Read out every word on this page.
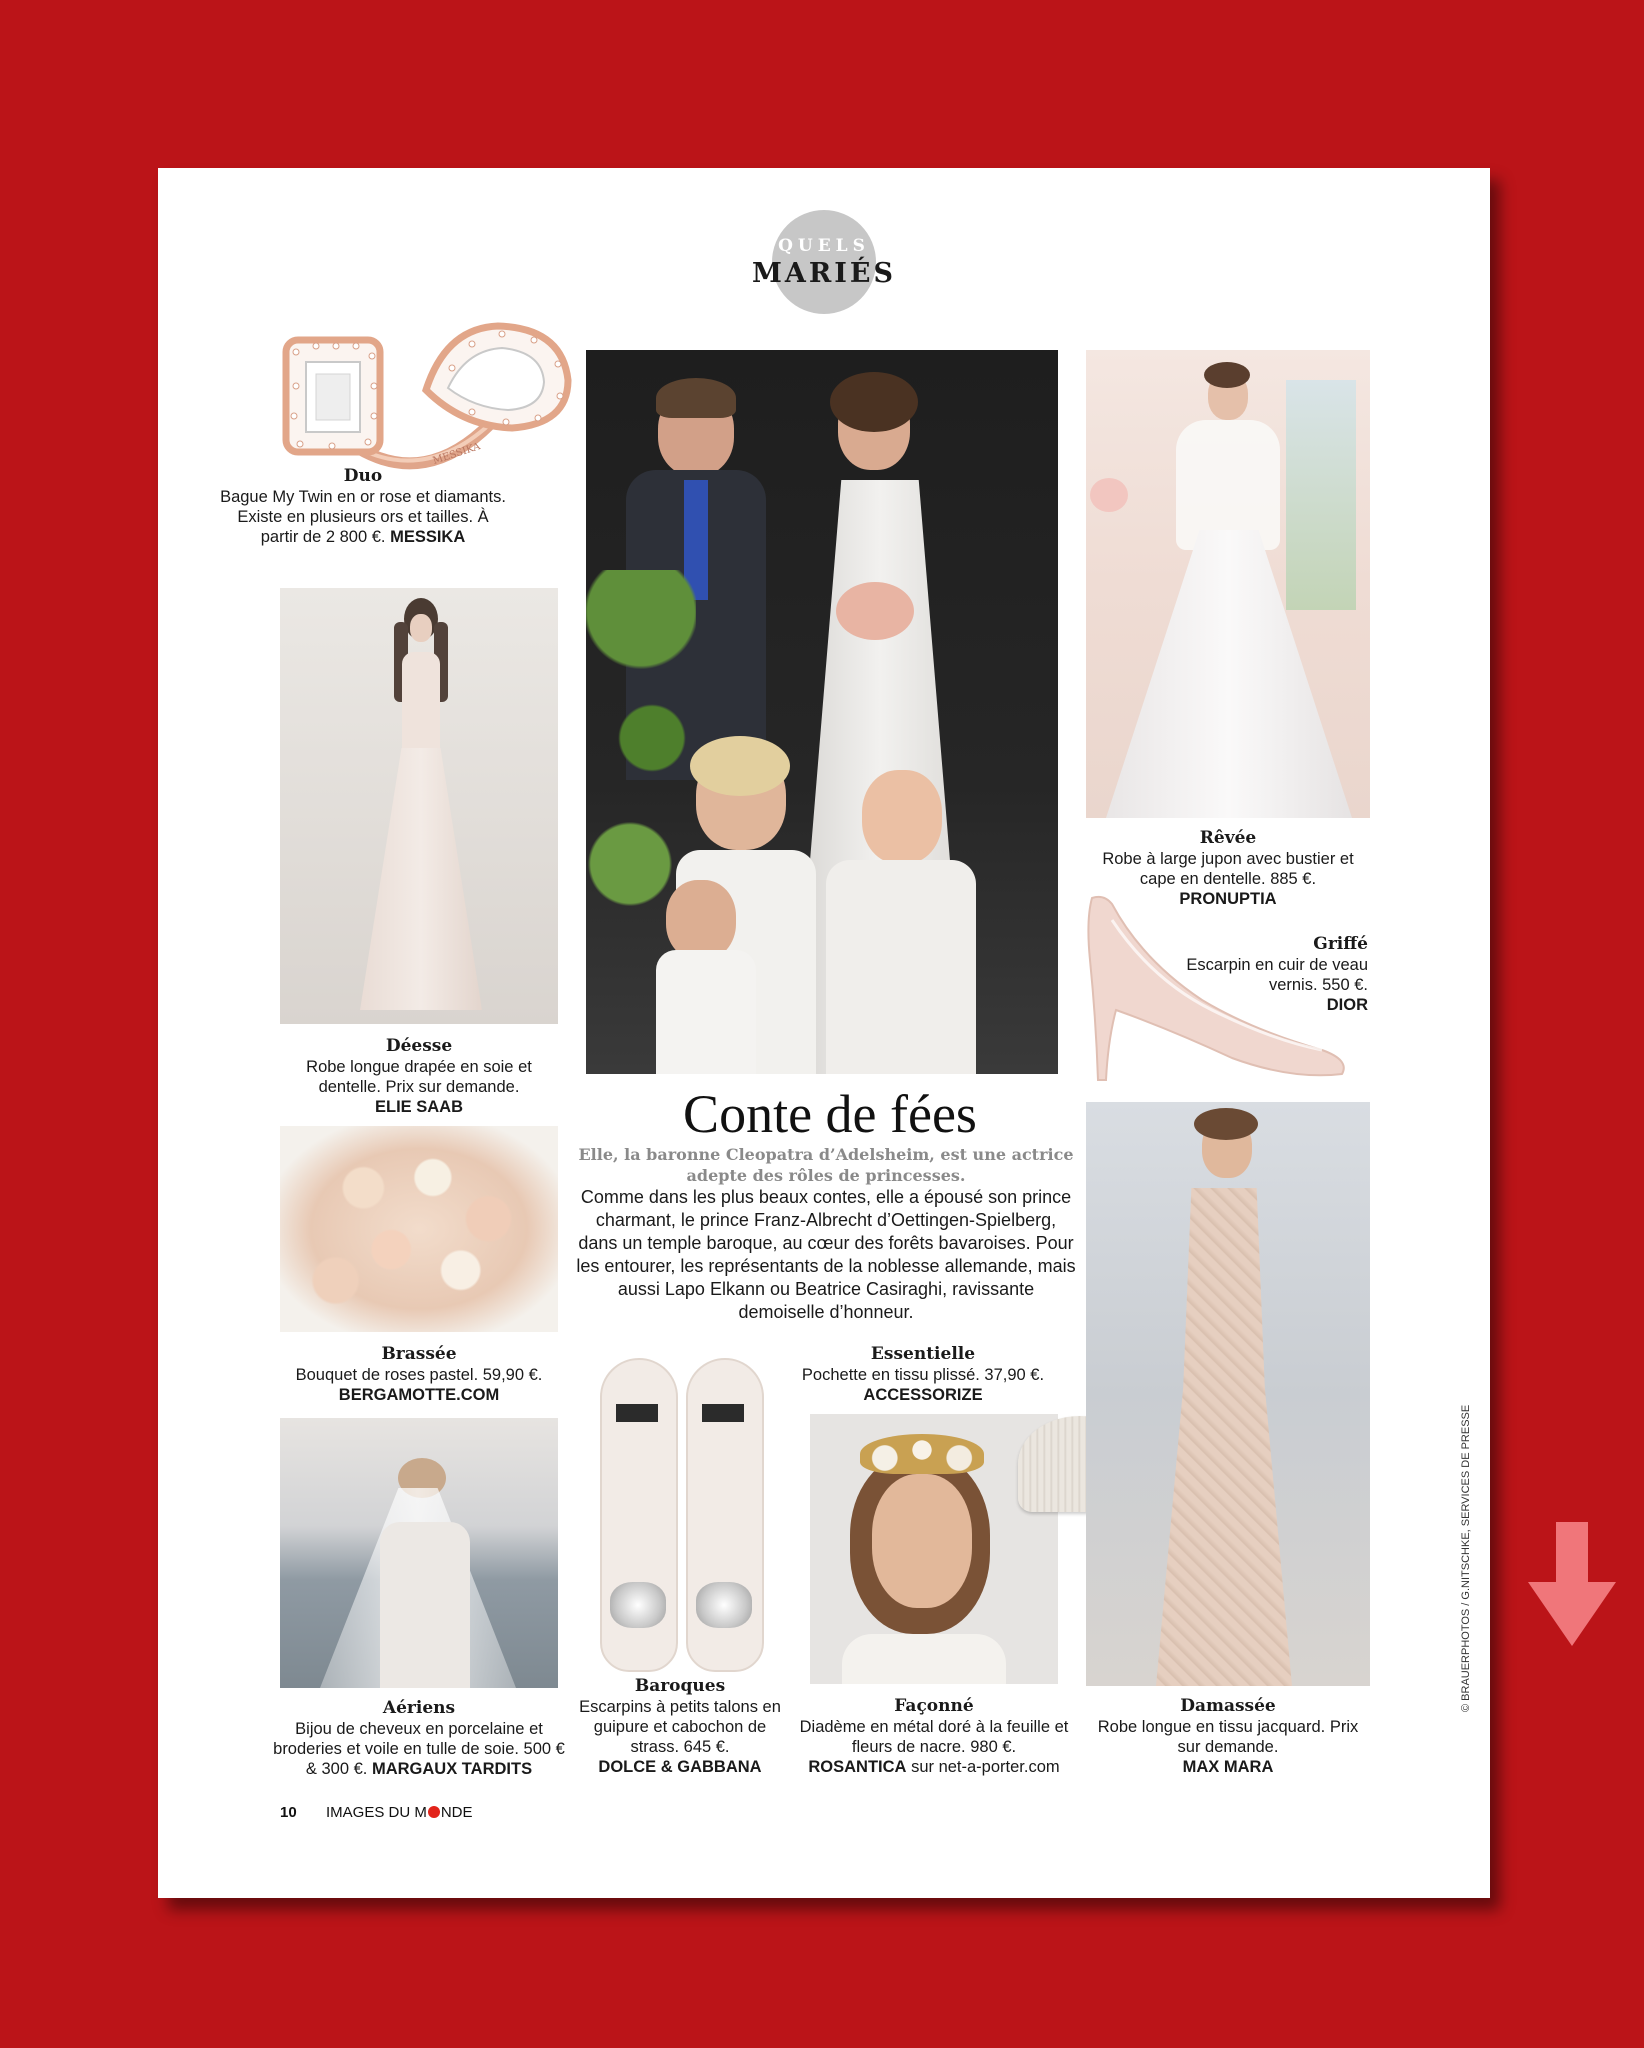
QUELS
MARIÉS
MESSIKA
Duo
Bague My Twin en or rose et diamants. Existe en plusieurs ors et tailles. À partir de 2 800 €. MESSIKA
Déesse
Robe longue drapée en soie et dentelle. Prix sur demande.
ELIE SAAB
Brassée
Bouquet de roses pastel. 59,90 €.
BERGAMOTTE.COM
Aériens
Bijou de cheveux en porcelaine et broderies et voile en tulle de soie. 500 € & 300 €. MARGAUX TARDITS
Conte de fées
Elle, la baronne Cleopatra d’Adelsheim, est une actrice adepte des rôles de princesses.
Comme dans les plus beaux contes, elle a épousé son prince charmant, le prince Franz-Albrecht d’Oettingen-Spielberg, dans un temple baroque, au cœur des forêts bavaroises. Pour les entourer, les représentants de la noblesse allemande, mais aussi Lapo Elkann ou Beatrice Casiraghi, ravissante demoiselle d’honneur.
Baroques
Escarpins à petits talons en guipure et cabochon de strass. 645 €.
DOLCE & GABBANA
Essentielle
Pochette en tissu plissé. 37,90 €. ACCESSORIZE
Façonné
Diadème en métal doré à la feuille et fleurs de nacre. 980 €.
ROSANTICA sur net-a-porter.com
Rêvée
Robe à large jupon avec bustier et cape en dentelle. 885 €.
PRONUPTIA
Griffé
Escarpin en cuir de veau vernis. 550 €.
DIOR
Damassée
Robe longue en tissu jacquard. Prix sur demande.
MAX MARA
© BRAUERPHOTOS / G.NITSCHKE, SERVICES DE PRESSE
10 IMAGES DU M NDE
